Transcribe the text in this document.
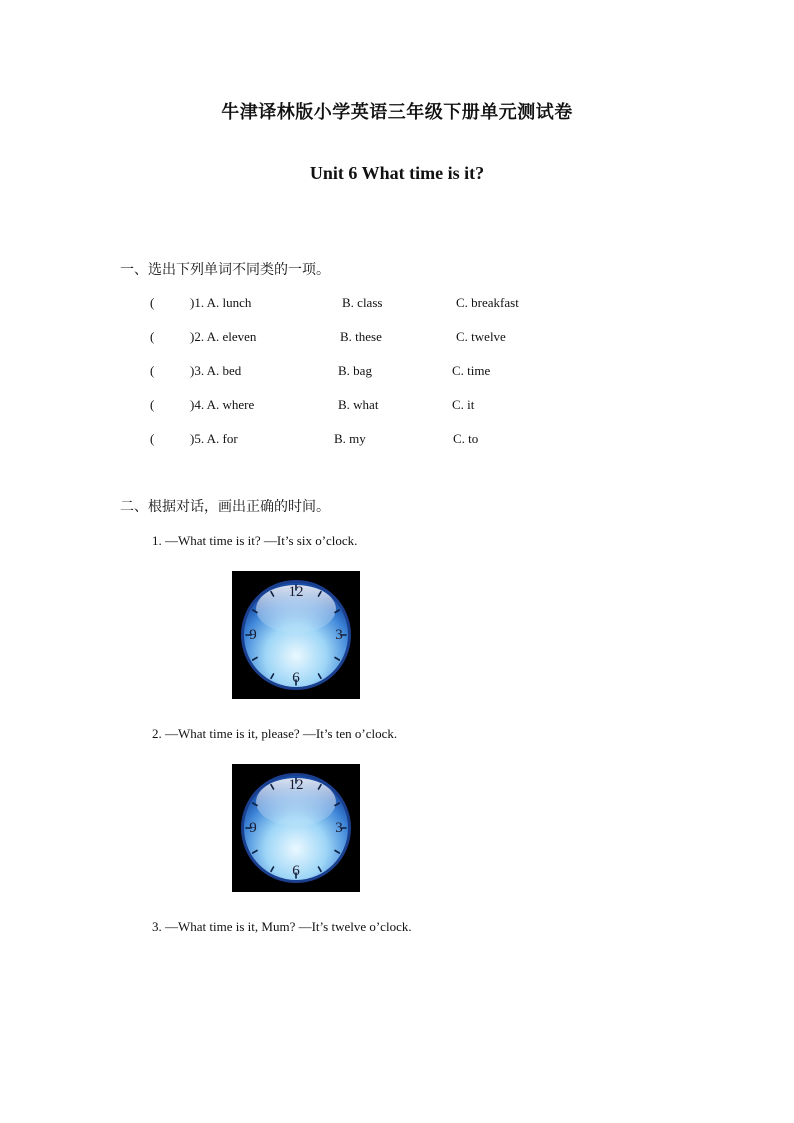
牛津译林版小学英语三年级下册单元测试卷
Unit 6 What time is it?
一、选出下列单词不同类的一项。
(	)1. A. lunch	B. class	C. breakfast
(	)2. A. eleven	B. these	C. twelve
(	)3. A. bed	B. bag	C. time
(	)4. A. where	B. what	C. it
(	)5. A. for	B. my	C. to
二、根据对话，画出正确的时间。
1. —What time is it? —It’s six o’clock.
12
3
6
9
2. —What time is it, please? —It’s ten o’clock.
12
3
6
9
3. —What time is it, Mum? —It’s twelve o’clock.
